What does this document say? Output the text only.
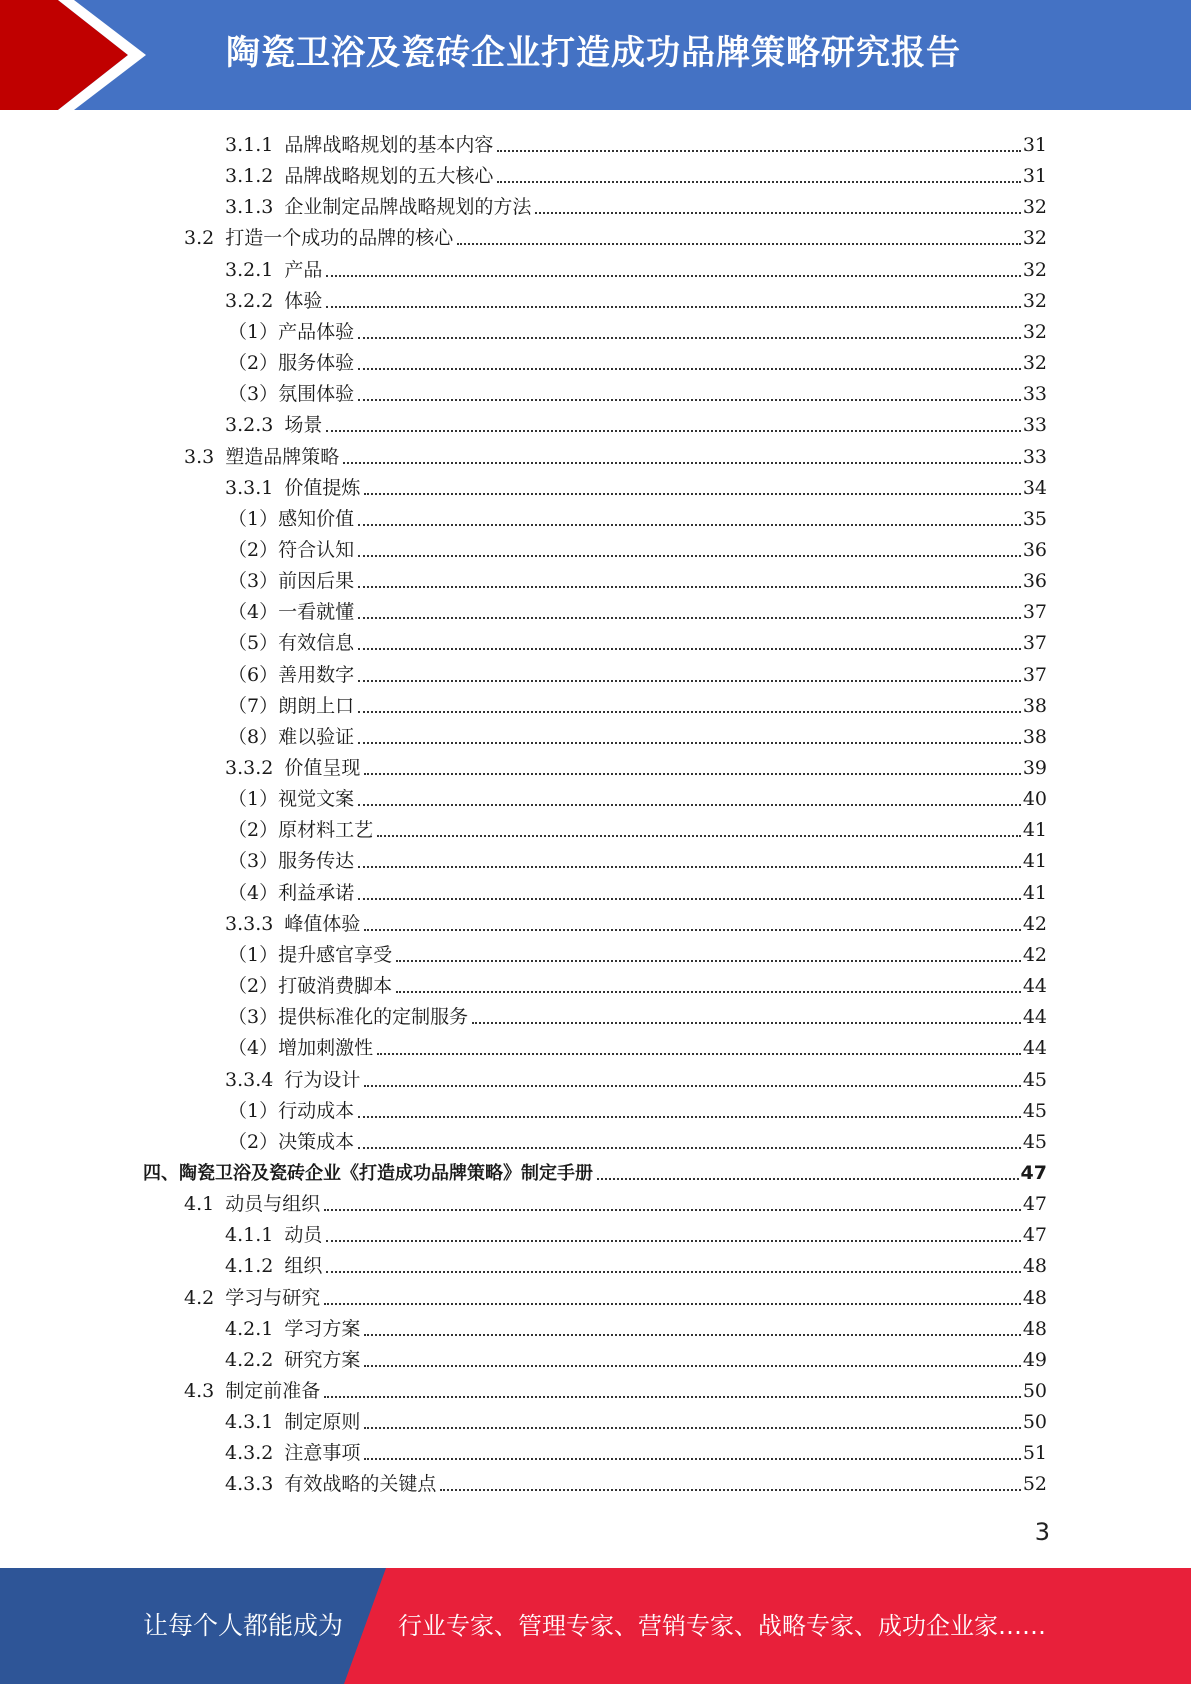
陶瓷卫浴及瓷砖企业打造成功品牌策略研究报告
3.1.1 品牌战略规划的基本内容	31
3.1.2 品牌战略规划的五大核心	31
3.1.3 企业制定品牌战略规划的方法	32
3.2 打造一个成功的品牌的核心	32
3.2.1 产品	32
3.2.2 体验	32
（1） 产品体验	32
（2） 服务体验	32
（3） 氛围体验	33
3.2.3 场景	33
3.3 塑造品牌策略	33
3.3.1 价值提炼	34
（1） 感知价值	35
（2） 符合认知	36
（3） 前因后果	36
（4） 一看就懂	37
（5） 有效信息	37
（6） 善用数字	37
（7） 朗朗上口	38
（8） 难以验证	38
3.3.2 价值呈现	39
（1） 视觉文案	40
（2） 原材料工艺	41
（3） 服务传达	41
（4） 利益承诺	41
3.3.3 峰值体验	42
（1） 提升感官享受	42
（2） 打破消费脚本	44
（3） 提供标准化的定制服务	44
（4） 增加刺激性	44
3.3.4 行为设计	45
（1） 行动成本	45
（2） 决策成本	45
四、 陶瓷卫浴及瓷砖企业《打造成功品牌策略》制定手册	47
4.1 动员与组织	47
4.1.1 动员	47
4.1.2 组织	48
4.2 学习与研究	48
4.2.1 学习方案	48
4.2.2 研究方案	49
4.3 制定前准备	50
4.3.1 制定原则	50
4.3.2 注意事项	51
4.3.3 有效战略的关键点	52
3
让每个人都能成为 行业专家、管理专家、营销专家、战略专家、成功企业家……
